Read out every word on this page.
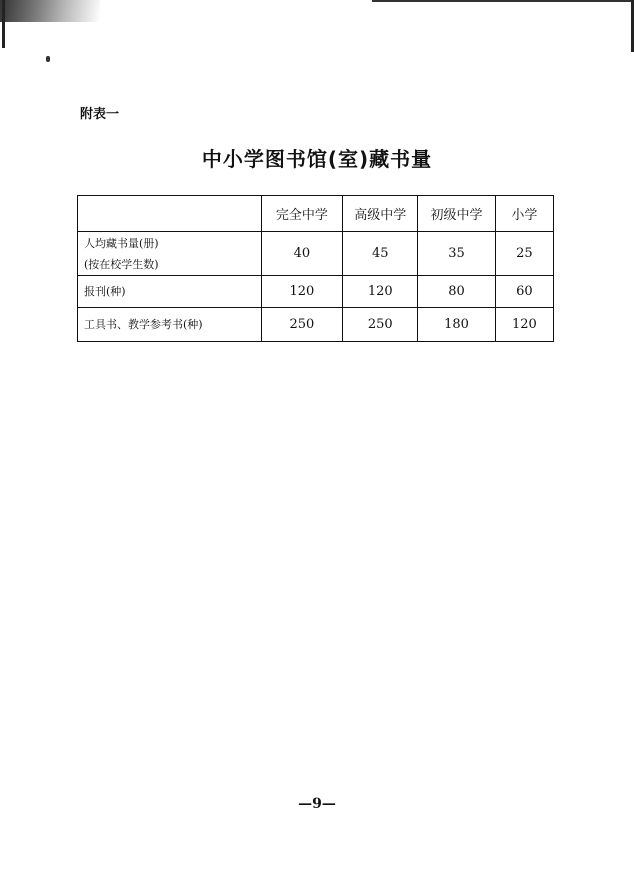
附表一
中小学图书馆(室)藏书量
	完全中学	高级中学	初级中学	小学

人均藏书量(册)
(按在校学生数)	40	45	35	25
报刊(种)	120	120	80	60
工具书、教学参考书(种)	250	250	180	120
—9—
